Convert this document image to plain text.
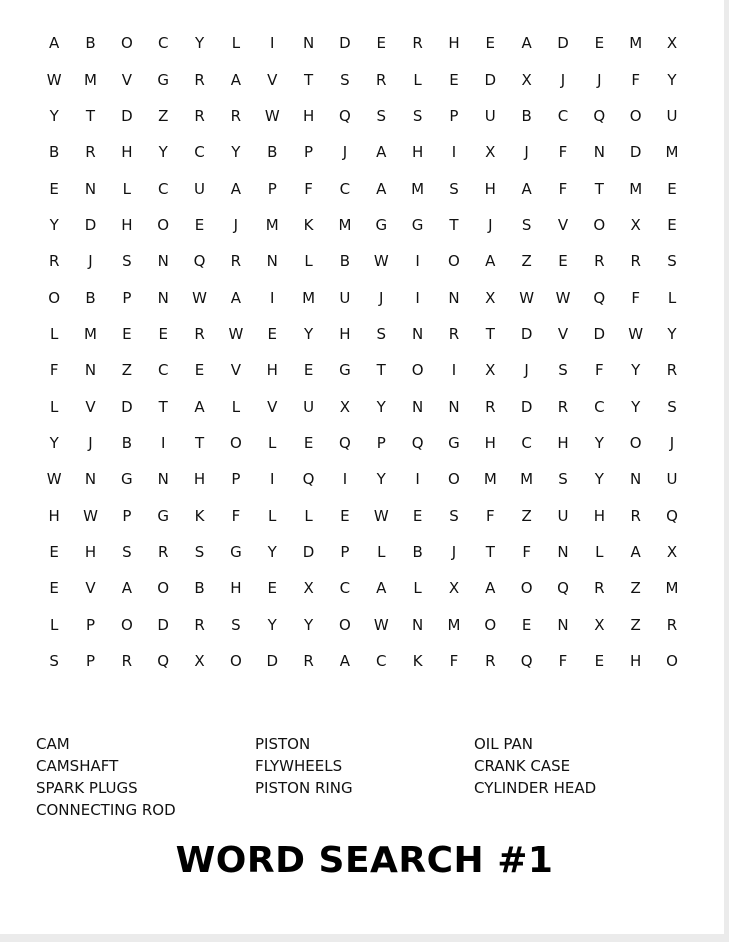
A	B	O	C	Y	L	I	N	D	E	R	H	E	A	D	E	M	X
W	M	V	G	R	A	V	T	S	R	L	E	D	X	J	J	F	Y
Y	T	D	Z	R	R	W	H	Q	S	S	P	U	B	C	Q	O	U
B	R	H	Y	C	Y	B	P	J	A	H	I	X	J	F	N	D	M
E	N	L	C	U	A	P	F	C	A	M	S	H	A	F	T	M	E
Y	D	H	O	E	J	M	K	M	G	G	T	J	S	V	O	X	E
R	J	S	N	Q	R	N	L	B	W	I	O	A	Z	E	R	R	S
O	B	P	N	W	A	I	M	U	J	I	N	X	W	W	Q	F	L
L	M	E	E	R	W	E	Y	H	S	N	R	T	D	V	D	W	Y
F	N	Z	C	E	V	H	E	G	T	O	I	X	J	S	F	Y	R
L	V	D	T	A	L	V	U	X	Y	N	N	R	D	R	C	Y	S
Y	J	B	I	T	O	L	E	Q	P	Q	G	H	C	H	Y	O	J
W	N	G	N	H	P	I	Q	I	Y	I	O	M	M	S	Y	N	U
H	W	P	G	K	F	L	L	E	W	E	S	F	Z	U	H	R	Q
E	H	S	R	S	G	Y	D	P	L	B	J	T	F	N	L	A	X
E	V	A	O	B	H	E	X	C	A	L	X	A	O	Q	R	Z	M
L	P	O	D	R	S	Y	Y	O	W	N	M	O	E	N	X	Z	R
S	P	R	Q	X	O	D	R	A	C	K	F	R	Q	F	E	H	O
CAM	PISTON	OIL PAN
CAMSHAFT	FLYWHEELS	CRANK CASE
SPARK PLUGS	PISTON RING	CYLINDER HEAD
CONNECTING ROD
WORD SEARCH #1
